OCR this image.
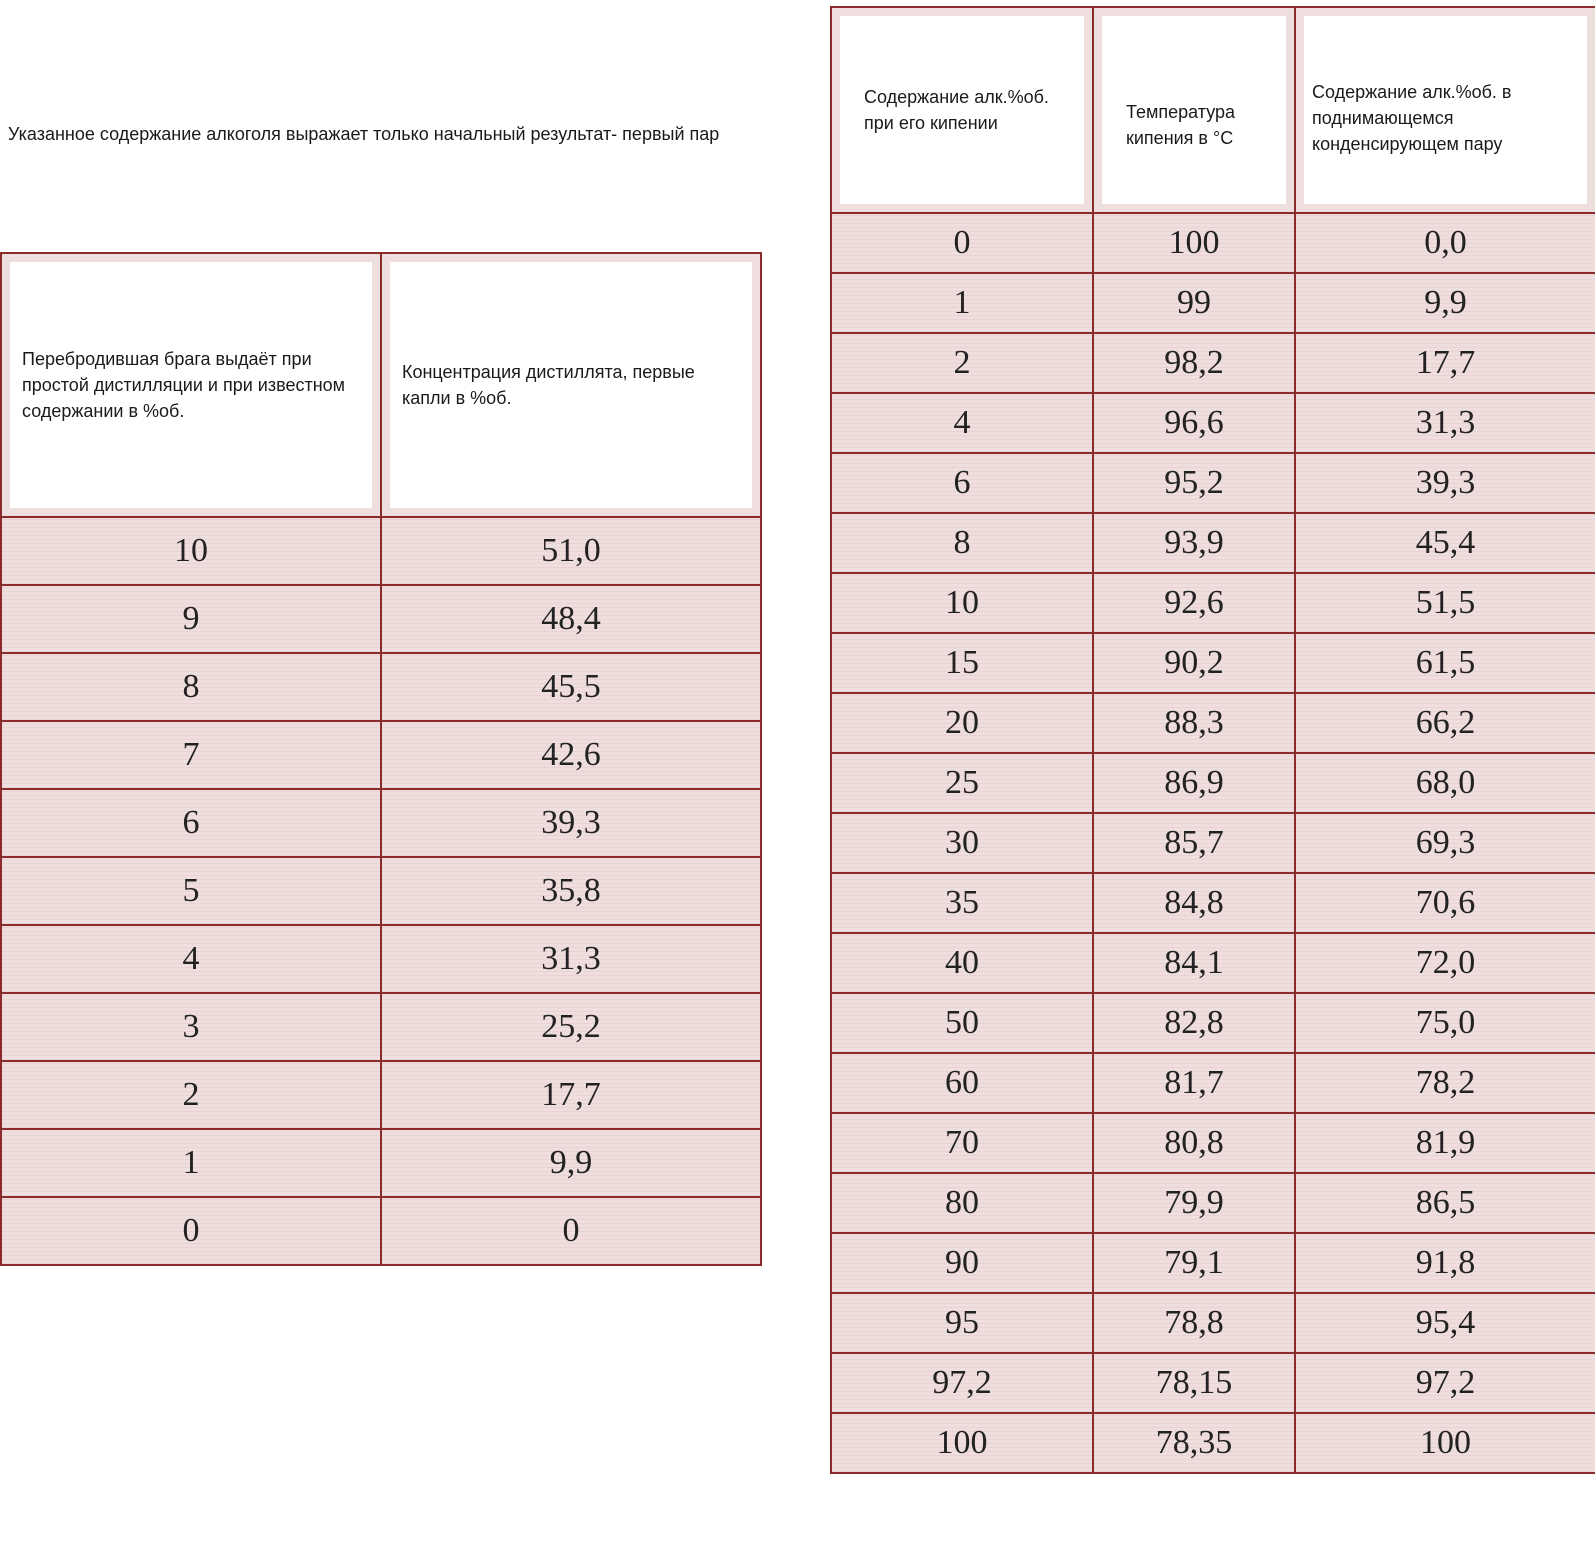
Указанное содержание алкоголя выражает только начальный результат- первый пар
Перебродившая брага выдаёт при простой дистилляции и при известном содержании в %об.	Концентрация дистиллята, первые капли в %об.

10	51,0
9	48,4
8	45,5
7	42,6
6	39,3
5	35,8
4	31,3
3	25,2
2	17,7
1	9,9
0	0
Содержание алк.%об. при его кипении	Температура кипения в °С	Содержание алк.%об. в поднимающемся конденсирующем пару

0	100	0,0
1	99	9,9
2	98,2	17,7
4	96,6	31,3
6	95,2	39,3
8	93,9	45,4
10	92,6	51,5
15	90,2	61,5
20	88,3	66,2
25	86,9	68,0
30	85,7	69,3
35	84,8	70,6
40	84,1	72,0
50	82,8	75,0
60	81,7	78,2
70	80,8	81,9
80	79,9	86,5
90	79,1	91,8
95	78,8	95,4
97,2	78,15	97,2
100	78,35	100
